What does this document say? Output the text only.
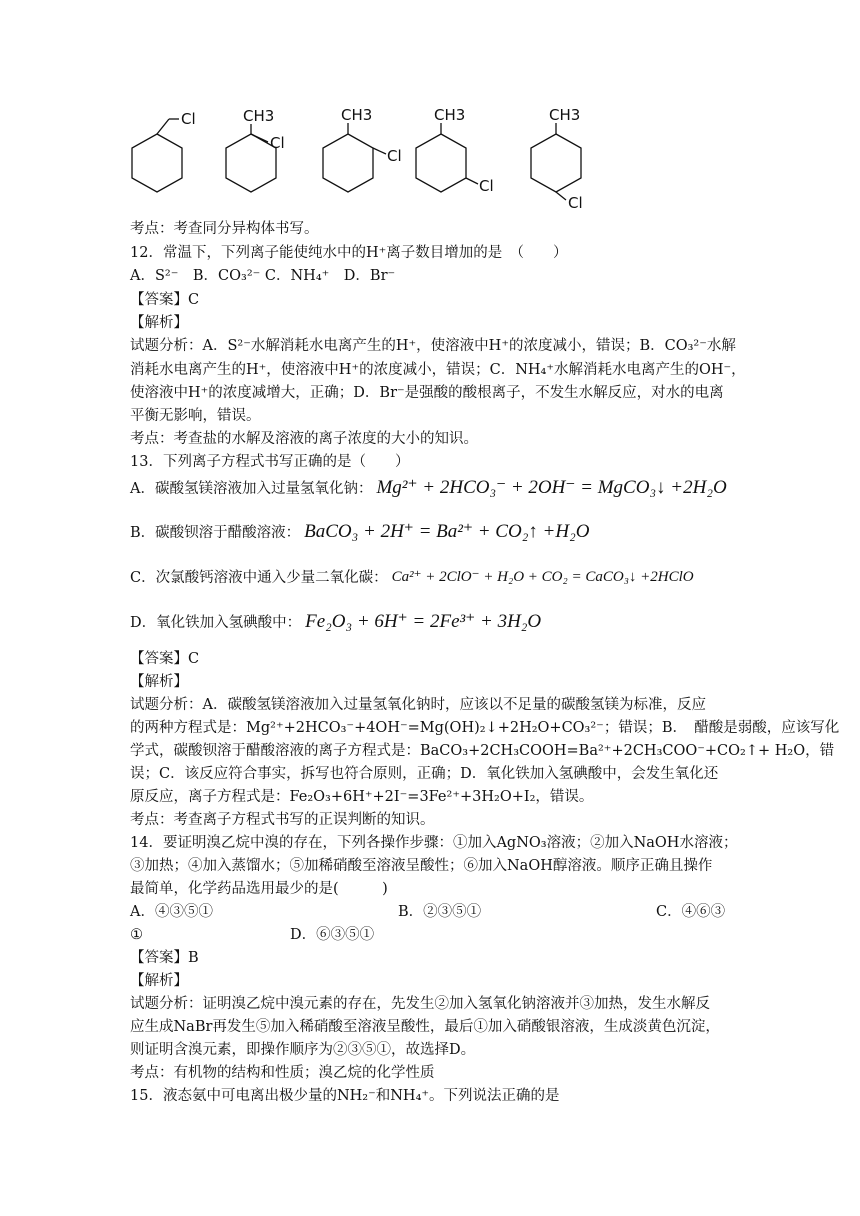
Cl	CH3
Cl
CH3
Cl
CH3
Cl
CH3
Cl
考点：考查同分异构体书写。
12．常温下，下列离子能使纯水中的H⁺离子数目增加的是　（　　）
A．S²⁻　B．CO₃²⁻ C．NH₄⁺　D．Br⁻
【答案】C
【解析】
试题分析：A．S²⁻水解消耗水电离产生的H⁺，使溶液中H⁺的浓度减小，错误；B．CO₃²⁻水解
消耗水电离产生的H⁺，使溶液中H⁺的浓度减小，错误；C．NH₄⁺水解消耗水电离产生的OH⁻，
使溶液中H⁺的浓度减增大，正确；D．Br⁻是强酸的酸根离子，不发生水解反应，对水的电离
平衡无影响，错误。
考点：考查盐的水解及溶液的离子浓度的大小的知识。
13．下列离子方程式书写正确的是（　　）
A．碳酸氢镁溶液加入过量氢氧化钠： Mg²⁺ + 2HCO₃⁻ + 2OH⁻ = MgCO₃↓ +2H₂O
B．碳酸钡溶于醋酸溶液： BaCO₃ + 2H⁺ = Ba²⁺ + CO₂↑ +H₂O
C．次氯酸钙溶液中通入少量二氧化碳： Ca²⁺ + 2ClO⁻ + H₂O + CO₂ = CaCO₃↓ +2HClO
D．氧化铁加入氢碘酸中： Fe₂O₃ + 6H⁺ = 2Fe³⁺ + 3H₂O
【答案】C
【解析】
试题分析：A．碳酸氢镁溶液加入过量氢氧化钠时，应该以不足量的碳酸氢镁为标准，反应
的两种方程式是：Mg²⁺+2HCO₃⁻+4OH⁻=Mg(OH)₂↓+2H₂O+CO₃²⁻；错误；B．　醋酸是弱酸，应该写化
学式，碳酸钡溶于醋酸溶液的离子方程式是：BaCO₃+2CH₃COOH=Ba²⁺+2CH₃COO⁻+CO₂↑+ H₂O，错
误；C．该反应符合事实，拆写也符合原则，正确；D．氧化铁加入氢碘酸中，会发生氧化还
原反应，离子方程式是：Fe₂O₃+6H⁺+2I⁻=3Fe²⁺+3H₂O+I₂，错误。
考点：考查离子方程式书写的正误判断的知识。
14．要证明溴乙烷中溴的存在，下列各操作步骤：①加入AgNO₃溶液；②加入NaOH水溶液；
③加热；④加入蒸馏水；⑤加稀硝酸至溶液呈酸性；⑥加入NaOH醇溶液。顺序正确且操作
最简单，化学药品选用最少的是(　　　)
A．④③⑤①	B．②③⑤①	C．④⑥③
①	D．⑥③⑤①
【答案】B
【解析】
试题分析：证明溴乙烷中溴元素的存在，先发生②加入氢氧化钠溶液并③加热，发生水解反
应生成NaBr再发生⑤加入稀硝酸至溶液呈酸性，最后①加入硝酸银溶液，生成淡黄色沉淀，
则证明含溴元素，即操作顺序为②③⑤①，故选择D。
考点：有机物的结构和性质；溴乙烷的化学性质
15．液态氨中可电离出极少量的NH₂⁻和NH₄⁺。下列说法正确的是
